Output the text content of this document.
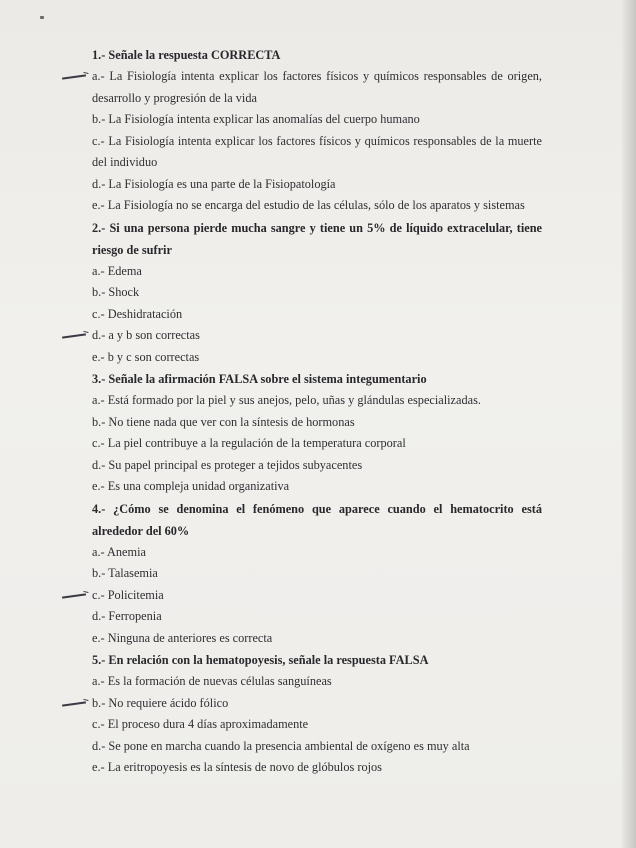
1.- Señale la respuesta CORRECTA
a.- La Fisiología intenta explicar los factores físicos y químicos responsables de origen, desarrollo y progresión de la vida
b.- La Fisiología intenta explicar las anomalías del cuerpo humano
c.- La Fisiología intenta explicar los factores físicos y químicos responsables de la muerte del individuo
d.- La Fisiología es una parte de la Fisiopatología
e.- La Fisiología no se encarga del estudio de las células, sólo de los aparatos y sistemas
2.- Si una persona pierde mucha sangre y tiene un 5% de líquido extracelular, tiene riesgo de sufrir
a.- Edema
b.- Shock
c.- Deshidratación
d.- a y b son correctas
e.- b y c son correctas
3.- Señale la afirmación FALSA sobre el sistema integumentario
a.- Está formado por la piel y sus anejos, pelo, uñas y glándulas especializadas.
b.- No tiene nada que ver con la síntesis de hormonas
c.- La piel contribuye a la regulación de la temperatura corporal
d.- Su papel principal es proteger a tejidos subyacentes
e.- Es una compleja unidad organizativa
4.- ¿Cómo se denomina el fenómeno que aparece cuando el hematocrito está alrededor del 60%
a.- Anemia
b.- Talasemia
c.- Policitemia
d.- Ferropenia
e.- Ninguna de anteriores es correcta
5.- En relación con la hematopoyesis, señale la respuesta FALSA
a.- Es la formación de nuevas células sanguíneas
b.- No requiere ácido fólico
c.- El proceso dura 4 días aproximadamente
d.- Se pone en marcha cuando la presencia ambiental de oxígeno es muy alta
e.- La eritropoyesis es la síntesis de novo de glóbulos rojos
